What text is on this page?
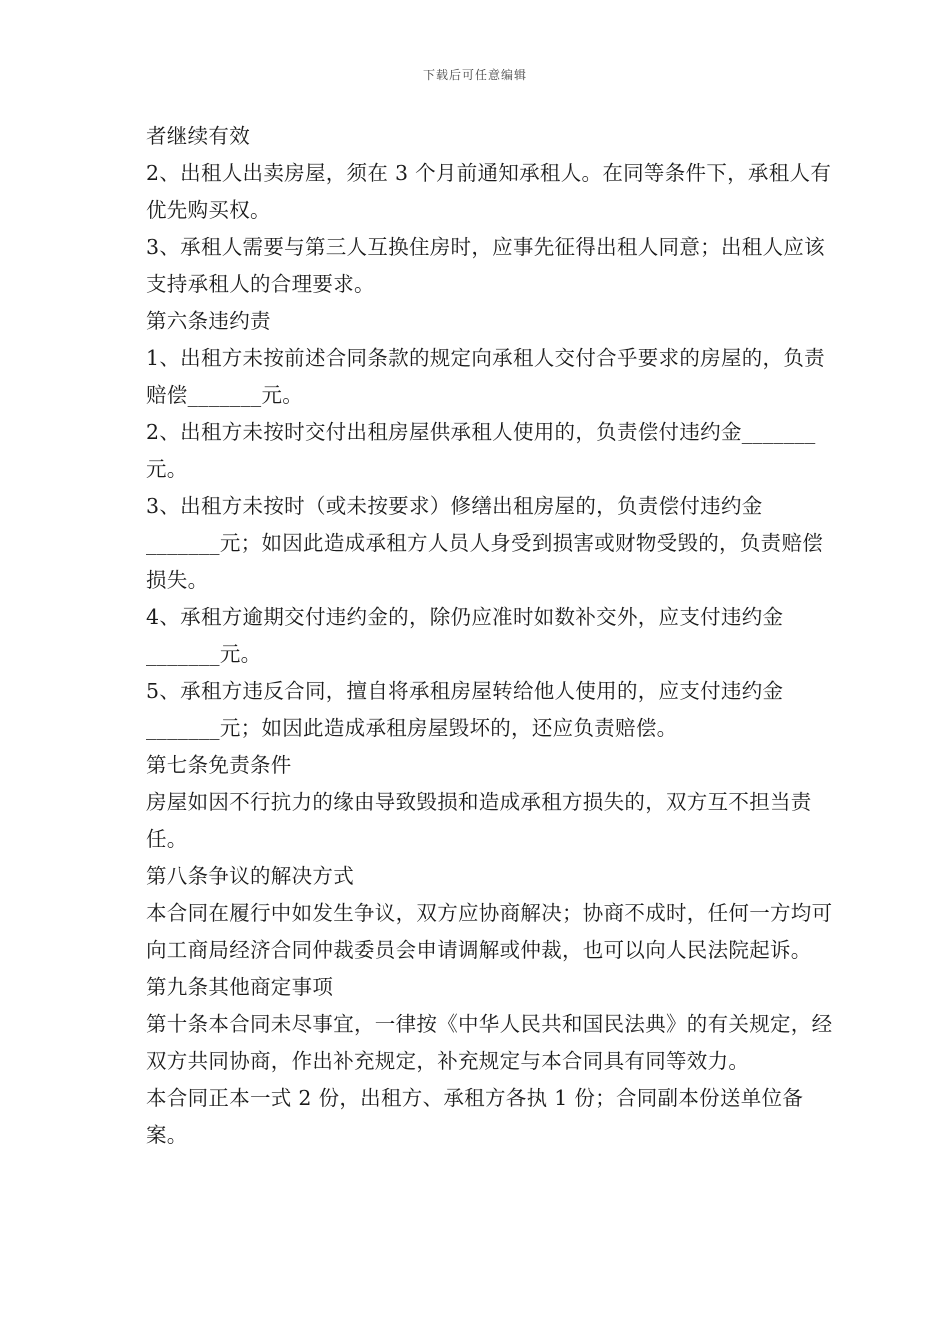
下载后可任意编辑

者继续有效

2、出租人出卖房屋，须在 3 个月前通知承租人。在同等条件下，承租人有优先购买权。

3、承租人需要与第三人互换住房时，应事先征得出租人同意；出租人应该支持承租人的合理要求。

第六条违约责

1、出租方未按前述合同条款的规定向承租人交付合乎要求的房屋的，负责赔偿_______元。

2、出租方未按时交付出租房屋供承租人使用的，负责偿付违约金_______元。

3、出租方未按时（或未按要求）修缮出租房屋的，负责偿付违约金_______元；如因此造成承租方人员人身受到损害或财物受毁的，负责赔偿损失。

4、承租方逾期交付违约金的，除仍应准时如数补交外，应支付违约金_______元。

5、承租方违反合同，擅自将承租房屋转给他人使用的，应支付违约金_______元；如因此造成承租房屋毁坏的，还应负责赔偿。

第七条免责条件

房屋如因不行抗力的缘由导致毁损和造成承租方损失的，双方互不担当责任。

第八条争议的解决方式

本合同在履行中如发生争议，双方应协商解决；协商不成时，任何一方均可向工商局经济合同仲裁委员会申请调解或仲裁，也可以向人民法院起诉。

第九条其他商定事项

第十条本合同未尽事宜，一律按《中华人民共和国民法典》的有关规定，经双方共同协商，作出补充规定，补充规定与本合同具有同等效力。

本合同正本一式 2 份，出租方、承租方各执 1 份；合同副本份送单位备案。
